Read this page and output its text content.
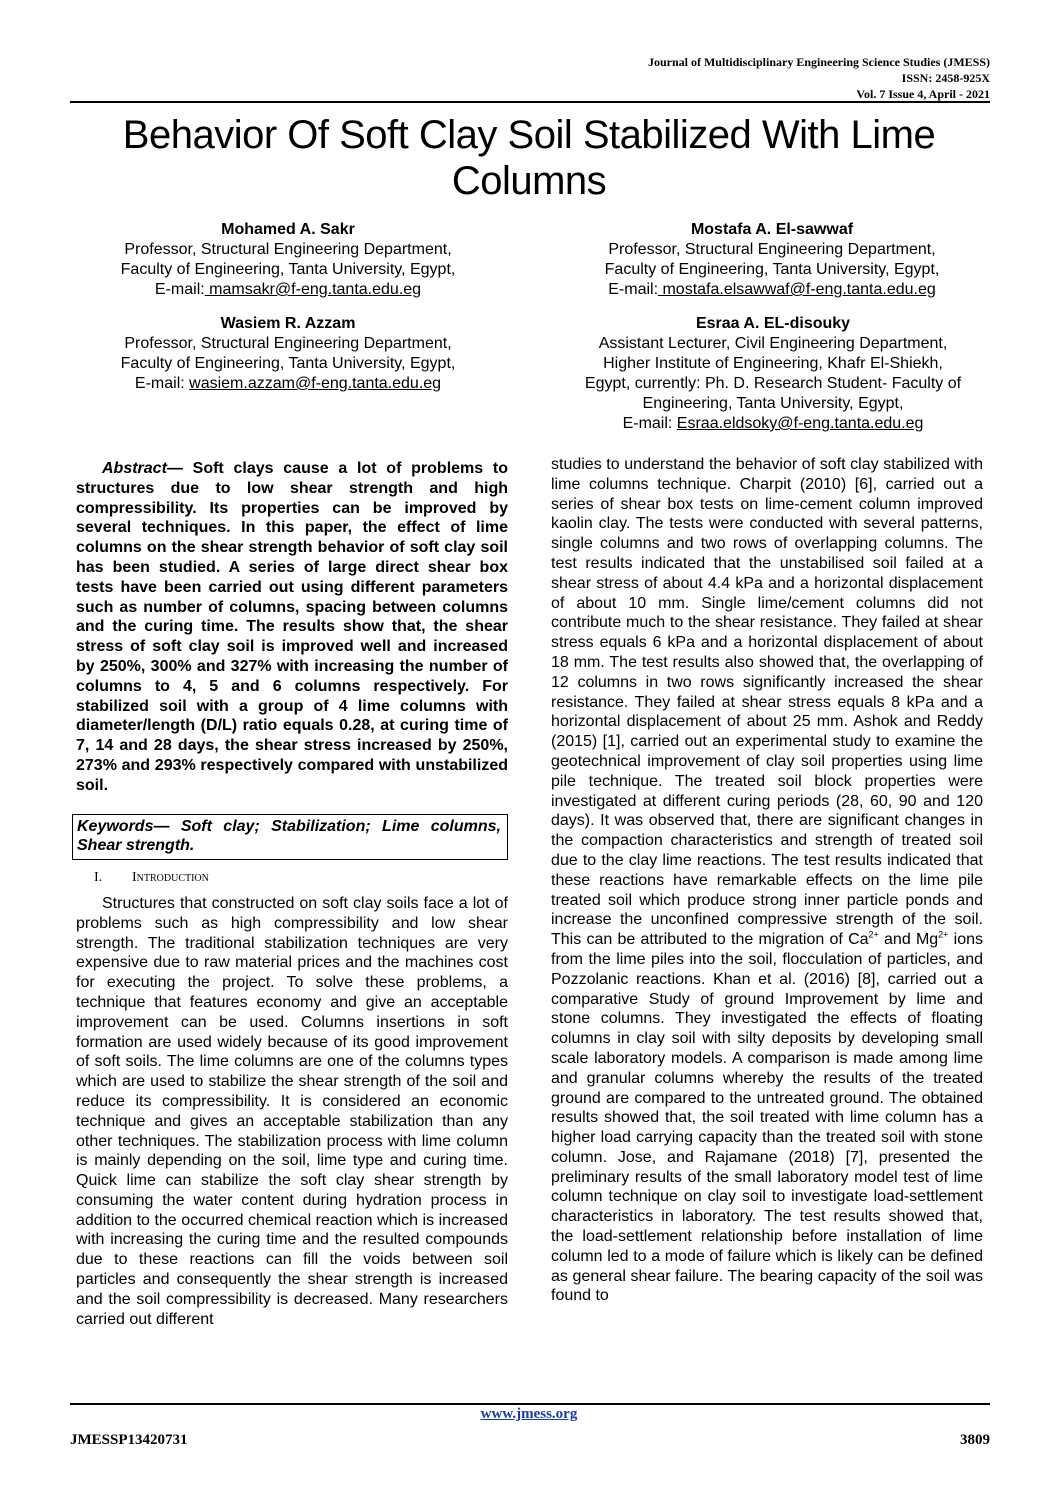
Journal of Multidisciplinary Engineering Science Studies (JMESS)
ISSN: 2458-925X
Vol. 7 Issue 4, April - 2021
Behavior Of Soft Clay Soil Stabilized With Lime Columns
Mohamed A. Sakr
Professor, Structural Engineering Department,
Faculty of Engineering, Tanta University, Egypt,
E-mail: mamsakr@f-eng.tanta.edu.eg
Mostafa A. El-sawwaf
Professor, Structural Engineering Department,
Faculty of Engineering, Tanta University, Egypt,
E-mail: mostafa.elsawwaf@f-eng.tanta.edu.eg
Wasiem R. Azzam
Professor, Structural Engineering Department,
Faculty of Engineering, Tanta University, Egypt,
E-mail: wasiem.azzam@f-eng.tanta.edu.eg
Esraa A. EL-disouky
Assistant Lecturer, Civil Engineering Department,
Higher Institute of Engineering, Khafr El-Shiekh,
Egypt, currently: Ph. D. Research Student- Faculty of
Engineering, Tanta University, Egypt,
E-mail: Esraa.eldsoky@f-eng.tanta.edu.eg

Abstract— Soft clays cause a lot of problems to structures due to low shear strength and high compressibility. Its properties can be improved by several techniques. In this paper, the effect of lime columns on the shear strength behavior of soft clay soil has been studied. A series of large direct shear box tests have been carried out using different parameters such as number of columns, spacing between columns and the curing time. The results show that, the shear stress of soft clay soil is improved well and increased by 250%, 300% and 327% with increasing the number of columns to 4, 5 and 6 columns respectively. For stabilized soil with a group of 4 lime columns with diameter/length (D/L) ratio equals 0.28, at curing time of 7, 14 and 28 days, the shear stress increased by 250%, 273% and 293% respectively compared with unstabilized soil.

Keywords— Soft clay; Stabilization; Lime columns, Shear strength.
I. Introduction

Structures that constructed on soft clay soils face a lot of problems such as high compressibility and low shear strength. The traditional stabilization techniques are very expensive due to raw material prices and the machines cost for executing the project. To solve these problems, a technique that features economy and give an acceptable improvement can be used. Columns insertions in soft formation are used widely because of its good improvement of soft soils. The lime columns are one of the columns types which are used to stabilize the shear strength of the soil and reduce its compressibility. It is considered an economic technique and gives an acceptable stabilization than any other techniques. The stabilization process with lime column is mainly depending on the soil, lime type and curing time. Quick lime can stabilize the soft clay shear strength by consuming the water content during hydration process in addition to the occurred chemical reaction which is increased with increasing the curing time and the resulted compounds due to these reactions can fill the voids between soil particles and consequently the shear strength is increased and the soil compressibility is decreased. Many researchers carried out different

studies to understand the behavior of soft clay stabilized with lime columns technique. Charpit (2010) [6], carried out a series of shear box tests on lime-cement column improved kaolin clay. The tests were conducted with several patterns, single columns and two rows of overlapping columns. The test results indicated that the unstabilised soil failed at a shear stress of about 4.4 kPa and a horizontal displacement of about 10 mm. Single lime/cement columns did not contribute much to the shear resistance. They failed at shear stress equals 6 kPa and a horizontal displacement of about 18 mm. The test results also showed that, the overlapping of 12 columns in two rows significantly increased the shear resistance. They failed at shear stress equals 8 kPa and a horizontal displacement of about 25 mm. Ashok and Reddy (2015) [1], carried out an experimental study to examine the geotechnical improvement of clay soil properties using lime pile technique. The treated soil block properties were investigated at different curing periods (28, 60, 90 and 120 days). It was observed that, there are significant changes in the compaction characteristics and strength of treated soil due to the clay lime reactions. The test results indicated that these reactions have remarkable effects on the lime pile treated soil which produce strong inner particle ponds and increase the unconfined compressive strength of the soil. This can be attributed to the migration of $Ca^{2+}$ and $Mg^{2+}$ ions from the lime piles into the soil, flocculation of particles, and Pozzolanic reactions. Khan et al. (2016) [8], carried out a comparative Study of ground Improvement by lime and stone columns. They investigated the effects of floating columns in clay soil with silty deposits by developing small scale laboratory models. A comparison is made among lime and granular columns whereby the results of the treated ground are compared to the untreated ground. The obtained results showed that, the soil treated with lime column has a higher load carrying capacity than the treated soil with stone column. Jose, and Rajamane (2018) [7], presented the preliminary results of the small laboratory model test of lime column technique on clay soil to investigate load-settlement characteristics in laboratory. The test results showed that, the load-settlement relationship before installation of lime column led to a mode of failure which is likely can be defined as general shear failure. The bearing capacity of the soil was found to

www.jmess.org
JMESSP13420731	3809
